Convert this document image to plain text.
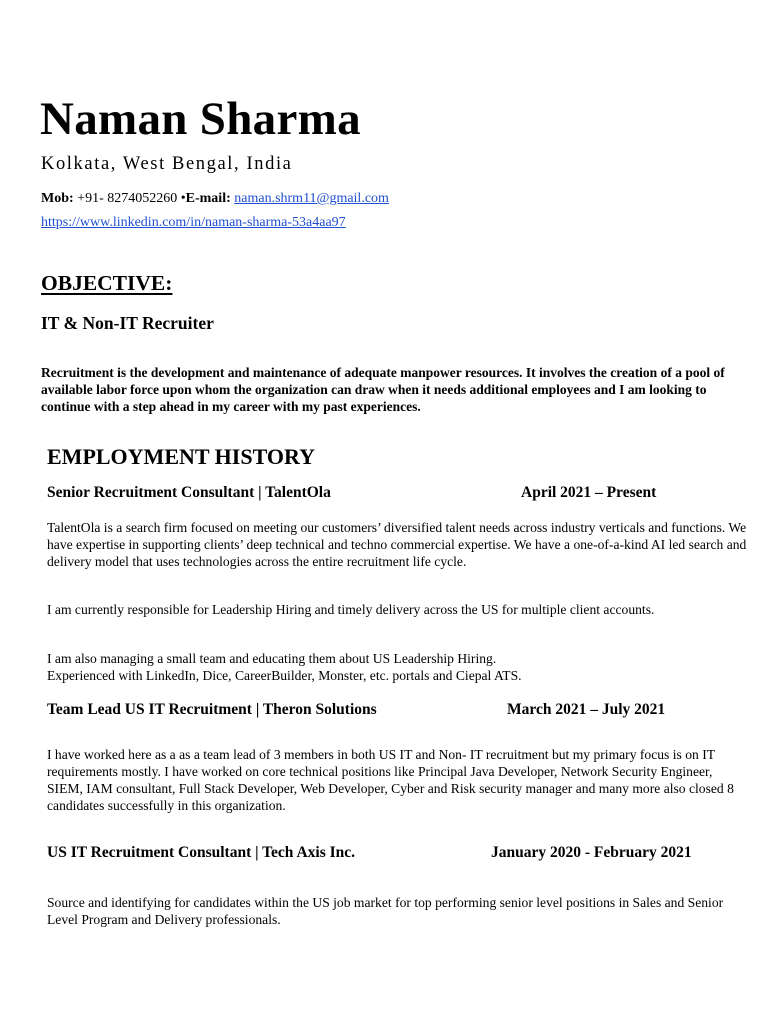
Naman Sharma
Kolkata, West Bengal, India
Mob: +91- 8274052260 •E-mail: naman.shrm11@gmail.com
https://www.linkedin.com/in/naman-sharma-53a4aa97
OBJECTIVE:
IT & Non-IT Recruiter
Recruitment is the development and maintenance of adequate manpower resources. It involves the creation of a pool of available labor force upon whom the organization can draw when it needs additional employees and I am looking to continue with a step ahead in my career with my past experiences.
EMPLOYMENT HISTORY
Senior Recruitment Consultant | TalentOla	April 2021 – Present
TalentOla is a search firm focused on meeting our customers’ diversified talent needs across industry verticals and functions. We have expertise in supporting clients’ deep technical and techno commercial expertise. We have a one-of-a-kind AI led search and delivery model that uses technologies across the entire recruitment life cycle.
I am currently responsible for Leadership Hiring and timely delivery across the US for multiple client accounts.
I am also managing a small team and educating them about US Leadership Hiring.
Experienced with LinkedIn, Dice, CareerBuilder, Monster, etc. portals and Ciepal ATS.
Team Lead US IT Recruitment | Theron Solutions	March 2021 – July 2021
I have worked here as a as a team lead of 3 members in both US IT and Non- IT recruitment but my primary focus is on IT requirements mostly. I have worked on core technical positions like Principal Java Developer, Network Security Engineer, SIEM, IAM consultant, Full Stack Developer, Web Developer, Cyber and Risk security manager and many more also closed 8 candidates successfully in this organization.
US IT Recruitment Consultant | Tech Axis Inc.	January 2020 - February 2021
Source and identifying for candidates within the US job market for top performing senior level positions in Sales and Senior Level Program and Delivery professionals.
